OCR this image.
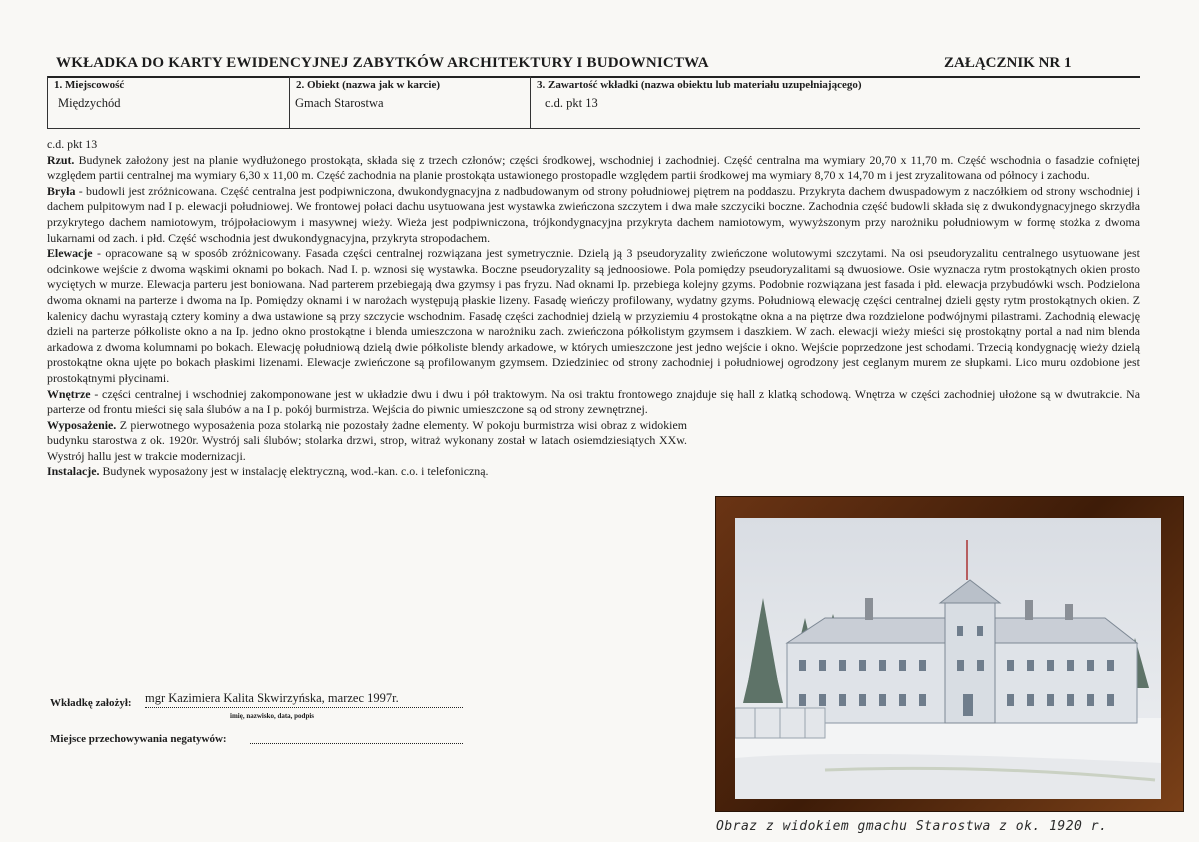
WKŁADKA DO KARTY EWIDENCYJNEJ ZABYTKÓW ARCHITEKTURY I BUDOWNICTWA	ZAŁĄCZNIK NR 1
1. Miejscowość
Międzychód
2. Obiekt (nazwa jak w karcie)
Gmach Starostwa
3. Zawartość wkładki (nazwa obiektu lub materiału uzupełniającego)
c.d. pkt 13

c.d. pkt 13

Rzut. Budynek założony jest na planie wydłużonego prostokąta, składa się z trzech członów; części środkowej, wschodniej i zachodniej. Część centralna ma wymiary 20,70 x 11,70 m. Część wschodnia o fasadzie cofniętej względem partii centralnej ma wymiary 6,30 x 11,00 m. Część zachodnia na planie prostokąta ustawionego prostopadle względem partii środkowej ma wymiary 8,70 x 14,70 m i jest zryzalitowana od północy i zachodu.

Bryła - budowli jest zróżnicowana. Część centralna jest podpiwniczona, dwukondygnacyjna z nadbudowanym od strony południowej piętrem na poddaszu. Przykryta dachem dwuspadowym z naczółkiem od strony wschodniej i dachem pulpitowym nad I p. elewacji południowej. We frontowej połaci dachu usytuowana jest wystawka zwieńczona szczytem i dwa małe szczyciki boczne. Zachodnia część budowli składa się z dwukondygnacyjnego skrzydła przykrytego dachem namiotowym, trójpołaciowym i masywnej wieży. Wieża jest podpiwniczona, trójkondygnacyjna przykryta dachem namiotowym, wywyższonym przy narożniku południowym w formę stożka z dwoma lukarnami od zach. i płd. Część wschodnia jest dwukondygnacyjna, przykryta stropodachem.

Elewacje - opracowane są w sposób zróżnicowany. Fasada części centralnej rozwiązana jest symetrycznie. Dzielą ją 3 pseudoryzality zwieńczone wolutowymi szczytami. Na osi pseudoryzalitu centralnego usytuowane jest odcinkowe wejście z dwoma wąskimi oknami po bokach. Nad I. p. wznosi się wystawka. Boczne pseudoryzality są jednoosiowe. Pola pomiędzy pseudoryzalitami są dwuosiowe. Osie wyznacza rytm prostokątnych okien prosto wyciętych w murze. Elewacja parteru jest boniowana. Nad parterem przebiegają dwa gzymsy i pas fryzu. Nad oknami Ip. przebiega kolejny gzyms. Podobnie rozwiązana jest fasada i płd. elewacja przybudówki wsch. Podzielona dwoma oknami na parterze i dwoma na Ip. Pomiędzy oknami i w narożach występują płaskie lizeny. Fasadę wieńczy profilowany, wydatny gzyms. Południową elewację części centralnej dzieli gęsty rytm prostokątnych okien. Z kalenicy dachu wyrastają cztery kominy a dwa ustawione są przy szczycie wschodnim. Fasadę części zachodniej dzielą w przyziemiu 4 prostokątne okna a na piętrze dwa rozdzielone podwójnymi pilastrami. Zachodnią elewację dzieli na parterze półkoliste okno a na Ip. jedno okno prostokątne i blenda umieszczona w narożniku zach. zwieńczona półkolistym gzymsem i daszkiem. W zach. elewacji wieży mieści się prostokątny portal a nad nim blenda arkadowa z dwoma kolumnami po bokach. Elewację południową dzielą dwie półkoliste blendy arkadowe, w których umieszczone jest jedno wejście i okno. Wejście poprzedzone jest schodami. Trzecią kondygnację wieży dzielą prostokątne okna ujęte po bokach płaskimi lizenami. Elewacje zwieńczone są profilowanym gzymsem. Dziedziniec od strony zachodniej i południowej ogrodzony jest ceglanym murem ze słupkami. Lico muru ozdobione jest prostokątnymi płycinami.

Wnętrze - części centralnej i wschodniej zakomponowane jest w układzie dwu i dwu i pół traktowym. Na osi traktu frontowego znajduje się hall z klatką schodową. Wnętrza w części zachodniej ułożone są w dwutrakcie. Na parterze od frontu mieści się sala ślubów a na I p. pokój burmistrza. Wejścia do piwnic umieszczone są od strony zewnętrznej.

Wyposażenie. Z pierwotnego wyposażenia poza stolarką nie pozostały żadne elementy. W pokoju burmistrza wisi obraz z widokiem budynku starostwa z ok. 1920r. Wystrój sali ślubów; stolarka drzwi, strop, witraż wykonany został w latach osiemdziesiątych XXw. Wystrój hallu jest w trakcie modernizacji.

Instalacje. Budynek wyposażony jest w instalację elektryczną, wod.-kan. c.o. i telefoniczną.

Obraz z widokiem gmachu Starostwa z ok. 1920 r.
Wkładkę założył: mgr Kazimiera Kalita Skwirzyńska, marzec 1997r.
imię, nazwisko, data, podpis
Miejsce przechowywania negatywów:
